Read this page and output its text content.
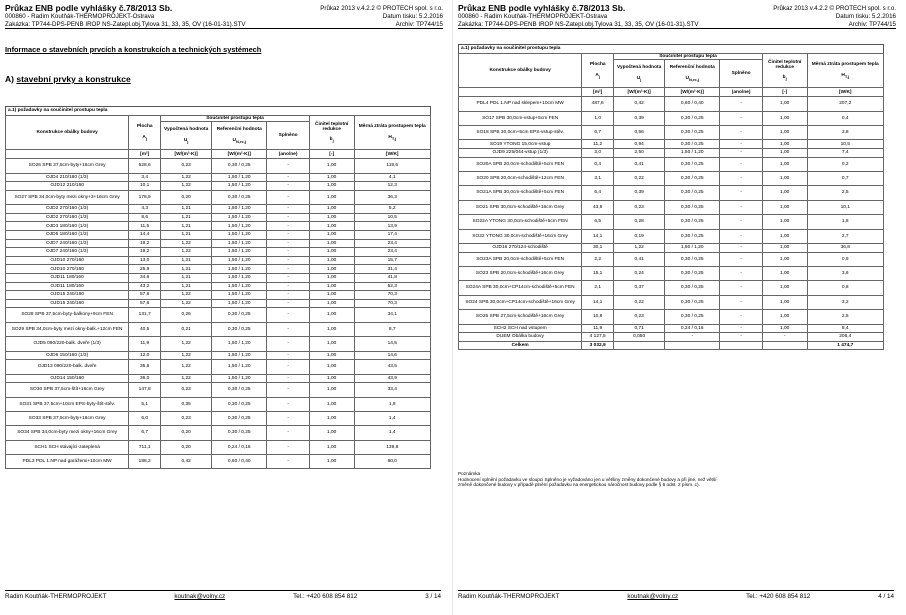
Průkaz ENB podle vyhlášky č.78/2013 Sb.	Průkaz 2013 v.4.2.2 © PROTECH spol. s r.o.
000860 - Radim Koutňák-THERMOPROJEKT-Ostrava	Datum tisku: 5.2.2016
Zakázka: TP744-DPS-PENB IROP NS-Zatepl.obj.Tylova 31, 33, 35, OV (16-01-31).STV	Archiv: TP744/15
Informace o stavebních prvcích a konstrukcích a technických systémech
A) stavební prvky a konstrukce
a.1) požadavky na součinitel prostupu tepla
Konstrukce obálky budovy	Plocha

$A_j$	Součinitel prostupu tepla			Činitel teplotní redukce

$b_j$	Měrná ztráta prostupem tepla

$H_{T,j}$
		Vypočtená hodnota

$U_j$	Referenční hodnota

$U_{N,rc,j}$	Splněno		
	[m²]	[W/(m²·K)]	[W/(m²·K)]	(ano/ne)	[-]	[W/K]
SO26 SPB 37,5cm-byty+16cm Grey	528,6	0,23	0,30 / 0,25	-	1,00	119,6
OJD4 210/160 (1/3)	3,4	1,22	1,50 / 1,20	-	1,00	4,1
OJD12 210/160	10,1	1,22	1,50 / 1,20	-	1,00	12,3
SO27 SPB 34,0cm-byty mezi okny+3+16cm Grey	178,9	0,20	0,30 / 0,25	-	1,00	36,3
OJD2 270/160 (1/3)	4,3	1,21	1,50 / 1,20	-	1,00	5,2
OJD2 270/160 (1/3)	8,6	1,21	1,50 / 1,20	-	1,00	10,5
OJD3 180/160 (1/3)	11,5	1,21	1,50 / 1,20	-	1,00	13,9
OJD5 180/160 (1/3)	14,4	1,21	1,50 / 1,20	-	1,00	17,4
OJD7 240/160 (1/3)	19,2	1,22	1,50 / 1,20	-	1,00	23,4
OJD7 240/160 (1/3)	19,2	1,22	1,50 / 1,20	-	1,00	23,4
OJD10 270/160	13,0	1,21	1,50 / 1,20	-	1,00	15,7
OJD10 270/160	25,9	1,21	1,50 / 1,20	-	1,00	31,4
OJD11 180/160	34,6	1,21	1,50 / 1,20	-	1,00	41,8
OJD11 180/160	43,2	1,21	1,50 / 1,20	-	1,00	52,3
OJD15 240/160	57,6	1,22	1,50 / 1,20	-	1,00	70,3
OJD15 240/160	57,6	1,22	1,50 / 1,20	-	1,00	70,3
SO28 SPB 37,5cm-byty-balkony+9cm FEN	131,7	0,26	0,30 / 0,25	-	1,00	34,1
SO29 SPB 34,0cm-byty mezi okny-balk.+12cm FEN	40,5	0,21	0,30 / 0,25	-	1,00	8,7
OJD5 090/220-balk. dveře (1/3)	11,9	1,22	1,50 / 1,20	-	1,00	14,5
OJD6 150/160 (1/3)	12,0	1,22	1,50 / 1,20	-	1,00	14,6
OJD13 090/220-balk. dveře	35,6	1,22	1,50 / 1,20	-	1,00	43,5
OJD14 150/160	36,0	1,22	1,50 / 1,20	-	1,00	43,9
SO30 SPB 37,5cm-štít+16cm Grey	147,8	0,23	0,30 / 0,25	-	1,00	33,4
SO31 SPB 37,5cm+10cm EPS-byty-štít-stěv.	5,1	0,35	0,30 / 0,25	-	1,00	1,8
SO33 SPB 37,5cm-byty+16cm Grey	6,0	0,23	0,30 / 0,25	-	1,00	1,4
SO34 SPB 34,0cm-byty mezi okny+16cm Grey	6,7	0,20	0,30 / 0,25	-	1,00	1,4
SCH1 SCH stávající-zateplená	711,1	0,20	0,24 / 0,16	-	1,00	139,8
PDL3 PDL 1.NP nad garážemi+10cm MW	188,2	0,42	0,60 / 0,40	-	1,00	80,0
Radim Koutňák-THERMOPROJEKT	koutnak@volny.cz	Tel.: +420 608 854 812	3 / 14
Průkaz ENB podle vyhlášky č.78/2013 Sb.	Průkaz 2013 v.4.2.2 © PROTECH spol. s r.o.
000860 - Radim Koutňák-THERMOPROJEKT-Ostrava	Datum tisku: 5.2.2016
Zakázka: TP744-DPS-PENB IROP NS-Zatepl.obj.Tylova 31, 33, 35, OV (16-01-31).STV	Archiv: TP744/15
a.1) požadavky na součinitel prostupu tepla
Konstrukce obálky budovy	Plocha

$A_j$	Součinitel prostupu tepla			Činitel teplotní redukce

$b_j$	Měrná ztráta prostupem tepla

$H_{T,j}$
		Vypočtená hodnota

$U_j$	Referenční hodnota

$U_{N,rc,j}$	Splněno		
	[m²]	[W/(m²·K)]	[W/(m²·K)]	(ano/ne)	[-]	[W/K]
PDL4 PDL 1.NP nad sklepem+10cm MW	487,6	0,42	0,60 / 0,40	-	1,00	207,2
SO17 SPB 30,0cm-vstup+5cm FEN	1,0	0,39	0,30 / 0,25	-	1,00	0,4
SO18 SPB 30,0cm+5cm EPS-vstup-stěv.	6,7	0,56	0,30 / 0,25	-	1,00	3,8
SO19 YTONG 15,0cm-vstup	11,2	0,94	0,30 / 0,25	-	1,00	10,5
OJD9 225/044-vstup (1/3)	3,0	2,50	1,50 / 1,20	-	1,00	7,4
SO20A SPB 20,0cm-schodiště+5cm FEN	0,4	0,41	0,30 / 0,25	-	1,00	0,2
SO20 SPB 20,0cm-schodiště+12cm FEN	3,1	0,22	0,30 / 0,25	-	1,00	0,7
SO21A SPB 30,0cm-schodiště+5cm FEN	6,4	0,39	0,30 / 0,25	-	1,00	2,5
SO21 SPB 30,0cm-schodiště+16cm Grey	43,9	0,23	0,30 / 0,25	-	1,00	10,1
SO22A YTONG 30,0cm-schodiště+5cm FEN	6,5	0,28	0,30 / 0,25	-	1,00	1,8
SO22 YTONG 30,0cm-schodiště+16cm Grey	14,1	0,19	0,30 / 0,25	-	1,00	2,7
OJD16 270/124-schodiště	30,1	1,22	1,50 / 1,20	-	1,00	36,8
SO23A SPB 20,0cm-schodiště+5cm FEN	2,2	0,41	0,30 / 0,25	-	1,00	0,9
SO23 SPB 20,0cm-schodiště+16cm Grey	15,1	0,24	0,30 / 0,25	-	1,00	3,6
SO24A SPB 30,0cm+CP14cm-schodiště+5cm FEN	2,1	0,37	0,30 / 0,25	-	1,00	0,8
SO24 SPB 30,0cm+CP14cm-schodiště+16cm Grey	14,1	0,22	0,30 / 0,25	-	1,00	3,2
SO25 SPB 27,5cm-schodiště+16cm Grey	10,8	0,23	0,30 / 0,25	-	1,00	2,5
SCH2 SCH nad vstupem	11,9	0,71	0,24 / 0,16	-	1,00	8,4
DUEM Obálka budovy	4 127,5	0,050	-	-	-	206,4
Celkem	3 032,9					1 474,7
Poznámka
Hodnocení splnění požadavku ve sloupci Splněno je vyžadováno jen u většiny změny dokončené budovy a při jiné, než větší
změně dokončené budovy v případě plnění požadavku na energetickou náročnost budovy podle § 6 odst. 2 písm. c).
Radim Koutňák-THERMOPROJEKT	koutnak@volny.cz	Tel.: +420 608 854 812	4 / 14
